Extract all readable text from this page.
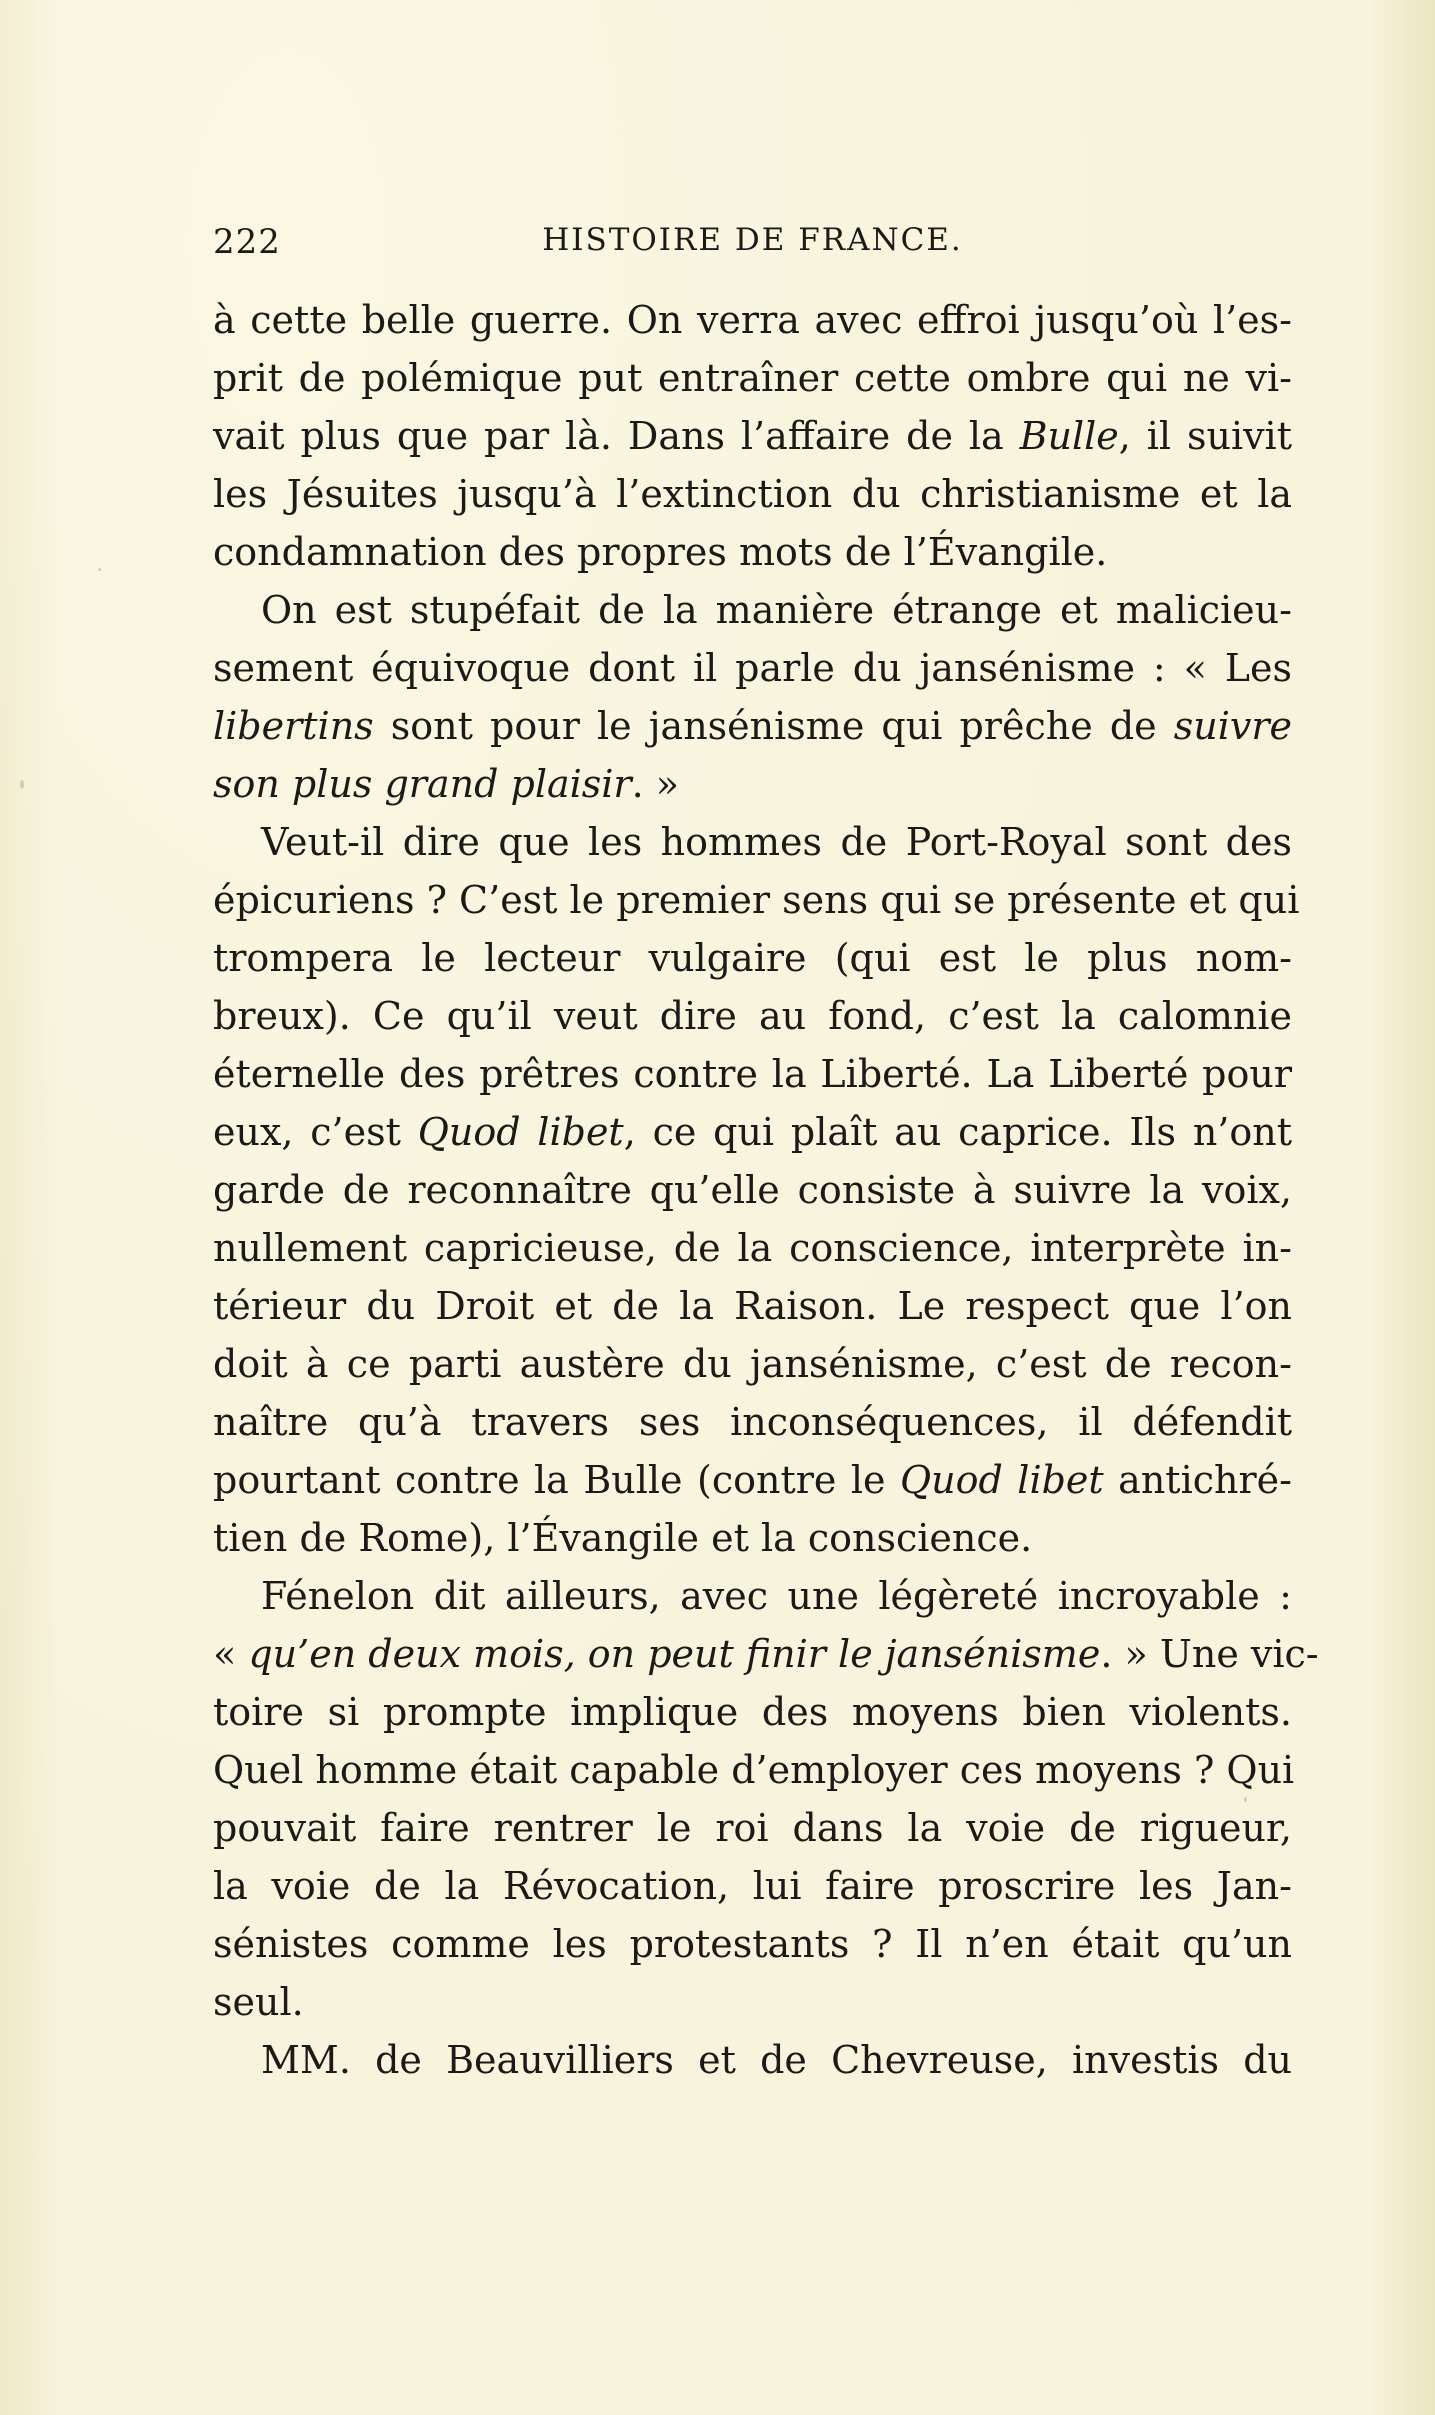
222	HISTOIRE DE FRANCE.
à cette belle guerre. On verra avec effroi jusqu’où l’es-
prit de polémique put entraîner cette ombre qui ne vi-
vait plus que par là. Dans l’affaire de la Bulle, il suivit
les Jésuites jusqu’à l’extinction du christianisme et la
condamnation des propres mots de l’Évangile.
On est stupéfait de la manière étrange et malicieu-
sement équivoque dont il parle du jansénisme : « Les
libertins sont pour le jansénisme qui prêche de suivre
son plus grand plaisir. »
Veut-il dire que les hommes de Port-Royal sont des
épicuriens ? C’est le premier sens qui se présente et qui
trompera le lecteur vulgaire (qui est le plus nom-
breux). Ce qu’il veut dire au fond, c’est la calomnie
éternelle des prêtres contre la Liberté. La Liberté pour
eux, c’est Quod libet, ce qui plaît au caprice. Ils n’ont
garde de reconnaître qu’elle consiste à suivre la voix,
nullement capricieuse, de la conscience, interprète in-
térieur du Droit et de la Raison. Le respect que l’on
doit à ce parti austère du jansénisme, c’est de recon-
naître qu’à travers ses inconséquences, il défendit
pourtant contre la Bulle (contre le Quod libet antichré-
tien de Rome), l’Évangile et la conscience.
Fénelon dit ailleurs, avec une légèreté incroyable :
« qu’en deux mois, on peut finir le jansénisme. » Une vic-
toire si prompte implique des moyens bien violents.
Quel homme était capable d’employer ces moyens ? Qui
pouvait faire rentrer le roi dans la voie de rigueur,
la voie de la Révocation, lui faire proscrire les Jan-
sénistes comme les protestants ? Il n’en était qu’un
seul.
MM. de Beauvilliers et de Chevreuse, investis du
